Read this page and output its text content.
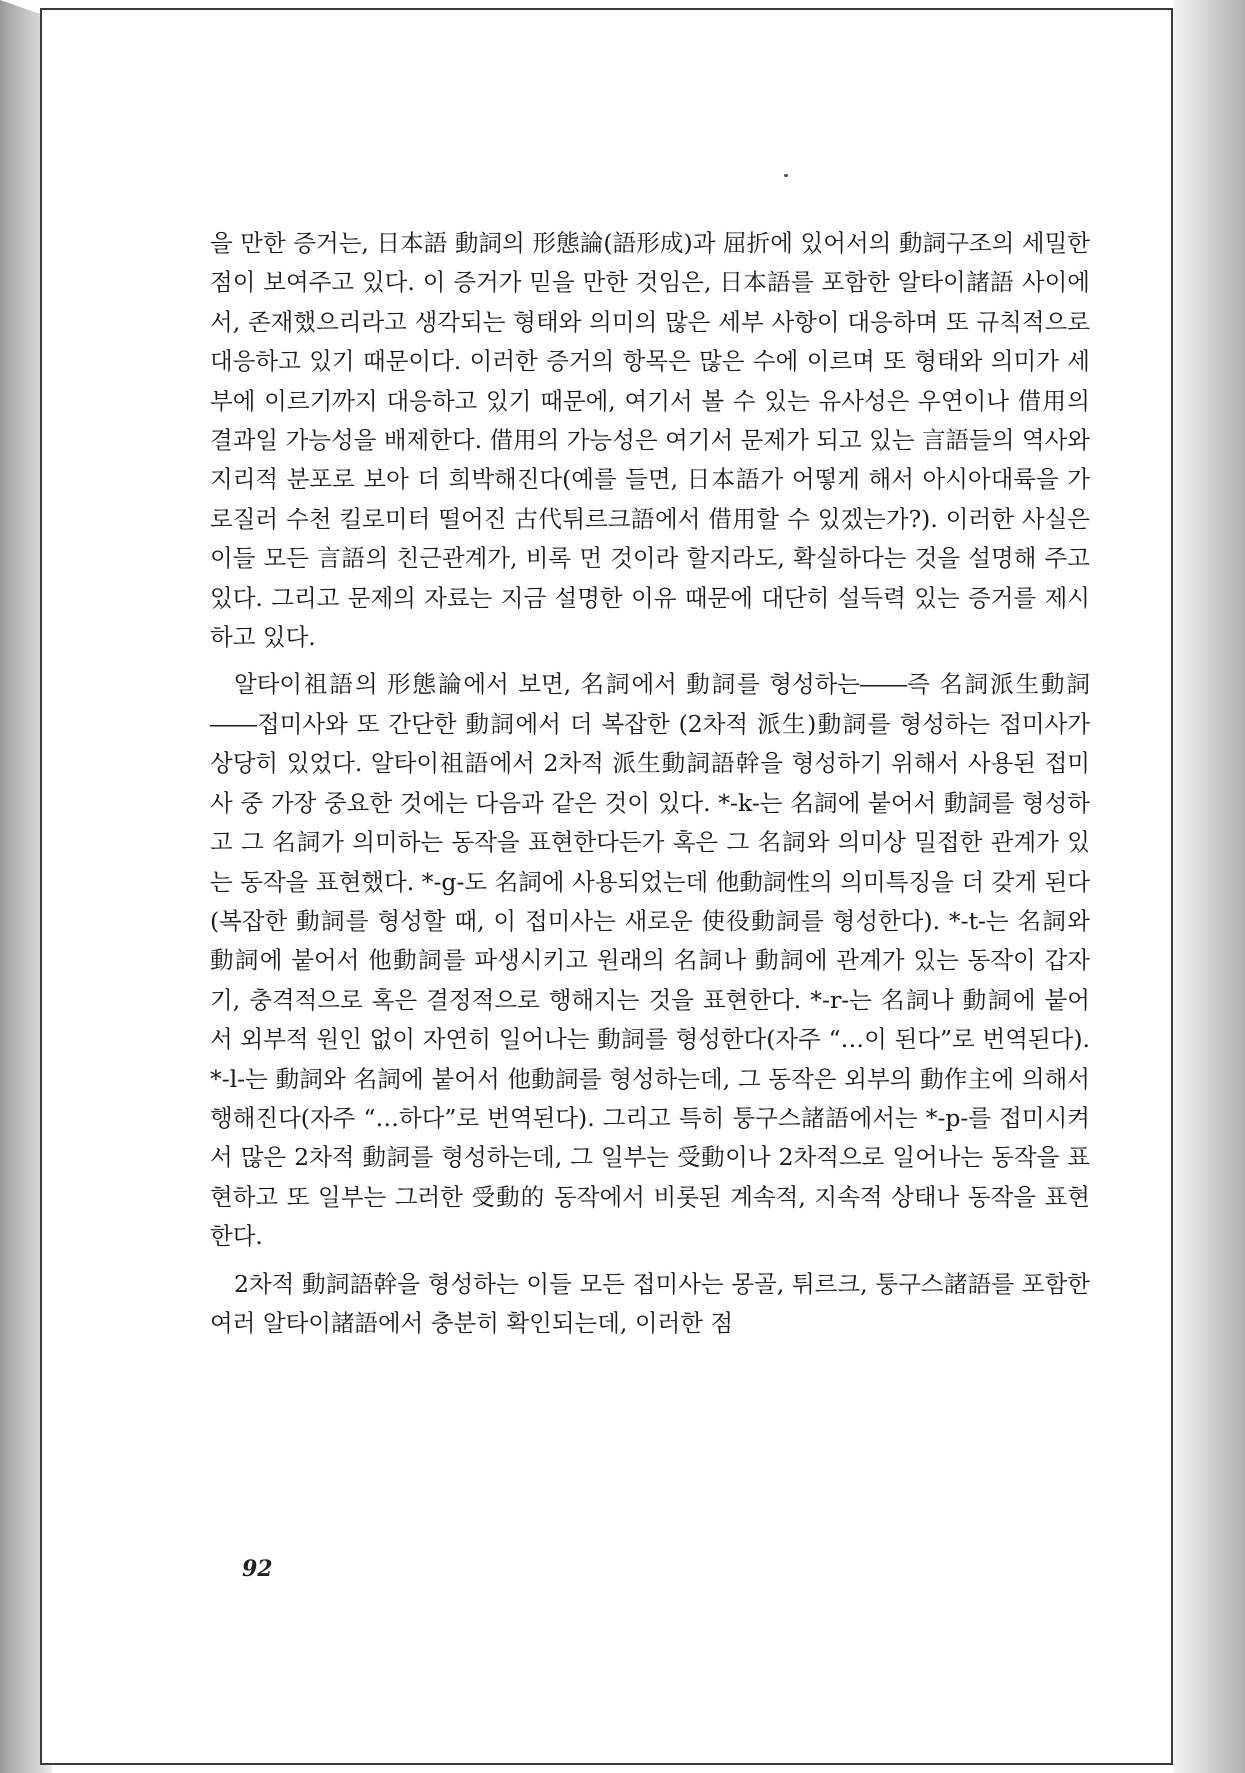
을 만한 증거는, 日本語 動詞의 形態論(語形成)과 屈折에 있어서의 動詞구조의 세밀한 점이 보여주고 있다. 이 증거가 믿을 만한 것임은, 日本語를 포함한 알타이諸語 사이에서, 존재했으리라고 생각되는 형태와 의미의 많은 세부 사항이 대응하며 또 규칙적으로 대응하고 있기 때문이다. 이러한 증거의 항목은 많은 수에 이르며 또 형태와 의미가 세부에 이르기까지 대응하고 있기 때문에, 여기서 볼 수 있는 유사성은 우연이나 借用의 결과일 가능성을 배제한다. 借用의 가능성은 여기서 문제가 되고 있는 言語들의 역사와 지리적 분포로 보아 더 희박해진다(예를 들면, 日本語가 어떻게 해서 아시아대륙을 가로질러 수천 킬로미터 떨어진 古代튀르크語에서 借用할 수 있겠는가?). 이러한 사실은 이들 모든 言語의 친근관계가, 비록 먼 것이라 할지라도, 확실하다는 것을 설명해 주고 있다. 그리고 문제의 자료는 지금 설명한 이유 때문에 대단히 설득력 있는 증거를 제시하고 있다.

알타이祖語의 形態論에서 보면, 名詞에서 動詞를 형성하는――즉 名詞派生動詞――접미사와 또 간단한 動詞에서 더 복잡한 (2차적 派生)動詞를 형성하는 접미사가 상당히 있었다. 알타이祖語에서 2차적 派生動詞語幹을 형성하기 위해서 사용된 접미사 중 가장 중요한 것에는 다음과 같은 것이 있다. *-k-는 名詞에 붙어서 動詞를 형성하고 그 名詞가 의미하는 동작을 표현한다든가 혹은 그 名詞와 의미상 밀접한 관계가 있는 동작을 표현했다. *-g-도 名詞에 사용되었는데 他動詞性의 의미특징을 더 갖게 된다(복잡한 動詞를 형성할 때, 이 접미사는 새로운 使役動詞를 형성한다). *-t-는 名詞와 動詞에 붙어서 他動詞를 파생시키고 원래의 名詞나 動詞에 관계가 있는 동작이 갑자기, 충격적으로 혹은 결정적으로 행해지는 것을 표현한다. *-r-는 名詞나 動詞에 붙어서 외부적 원인 없이 자연히 일어나는 動詞를 형성한다(자주 “…이 된다”로 번역된다). *-l-는 動詞와 名詞에 붙어서 他動詞를 형성하는데, 그 동작은 외부의 動作主에 의해서 행해진다(자주 “…하다”로 번역된다). 그리고 특히 퉁구스諸語에서는 *-p-를 접미시켜서 많은 2차적 動詞를 형성하는데, 그 일부는 受動이나 2차적으로 일어나는 동작을 표현하고 또 일부는 그러한 受動的 동작에서 비롯된 계속적, 지속적 상태나 동작을 표현한다.

2차적 動詞語幹을 형성하는 이들 모든 접미사는 몽골, 튀르크, 퉁구스諸語를 포함한 여러 알타이諸語에서 충분히 확인되는데, 이러한 점

92
